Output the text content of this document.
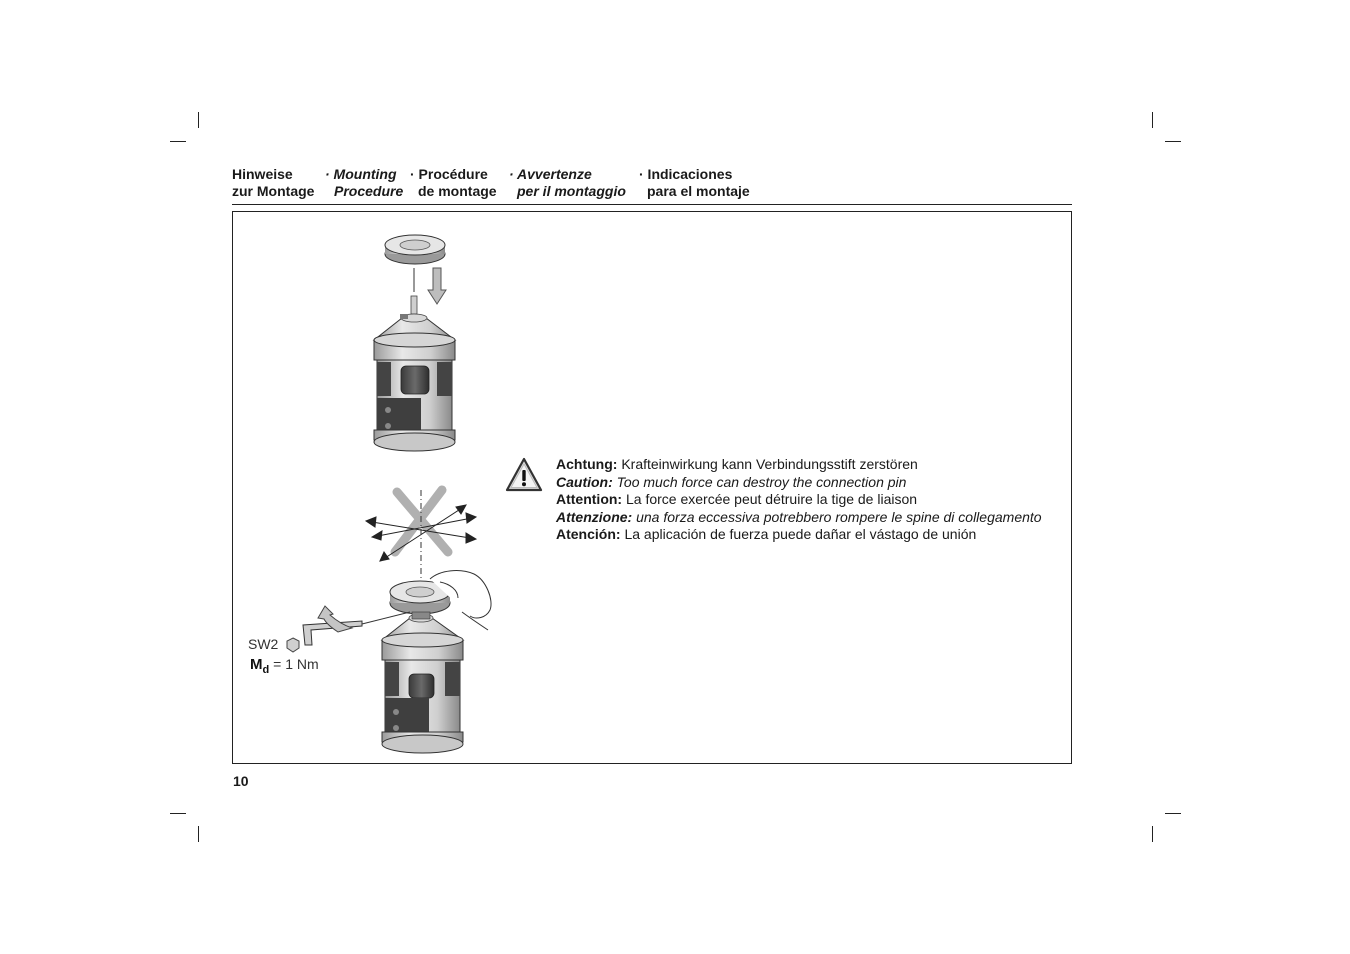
Hinweise
zur Montage
· Mounting
Procedure
· Procédure
de montage
· Avvertenze
per il montaggio
· Indicaciones
para el montaje
Achtung: Krafteinwirkung kann Verbindungsstift zerstören
Caution: Too much force can destroy the connection pin
Attention: La force exercée peut détruire la tige de liaison
Attenzione: una forza eccessiva potrebbero rompere le spine di collegamento
Atención: La aplicación de fuerza puede dañar el vástago de unión
SW2
$M_d = 1$ Nm
10
